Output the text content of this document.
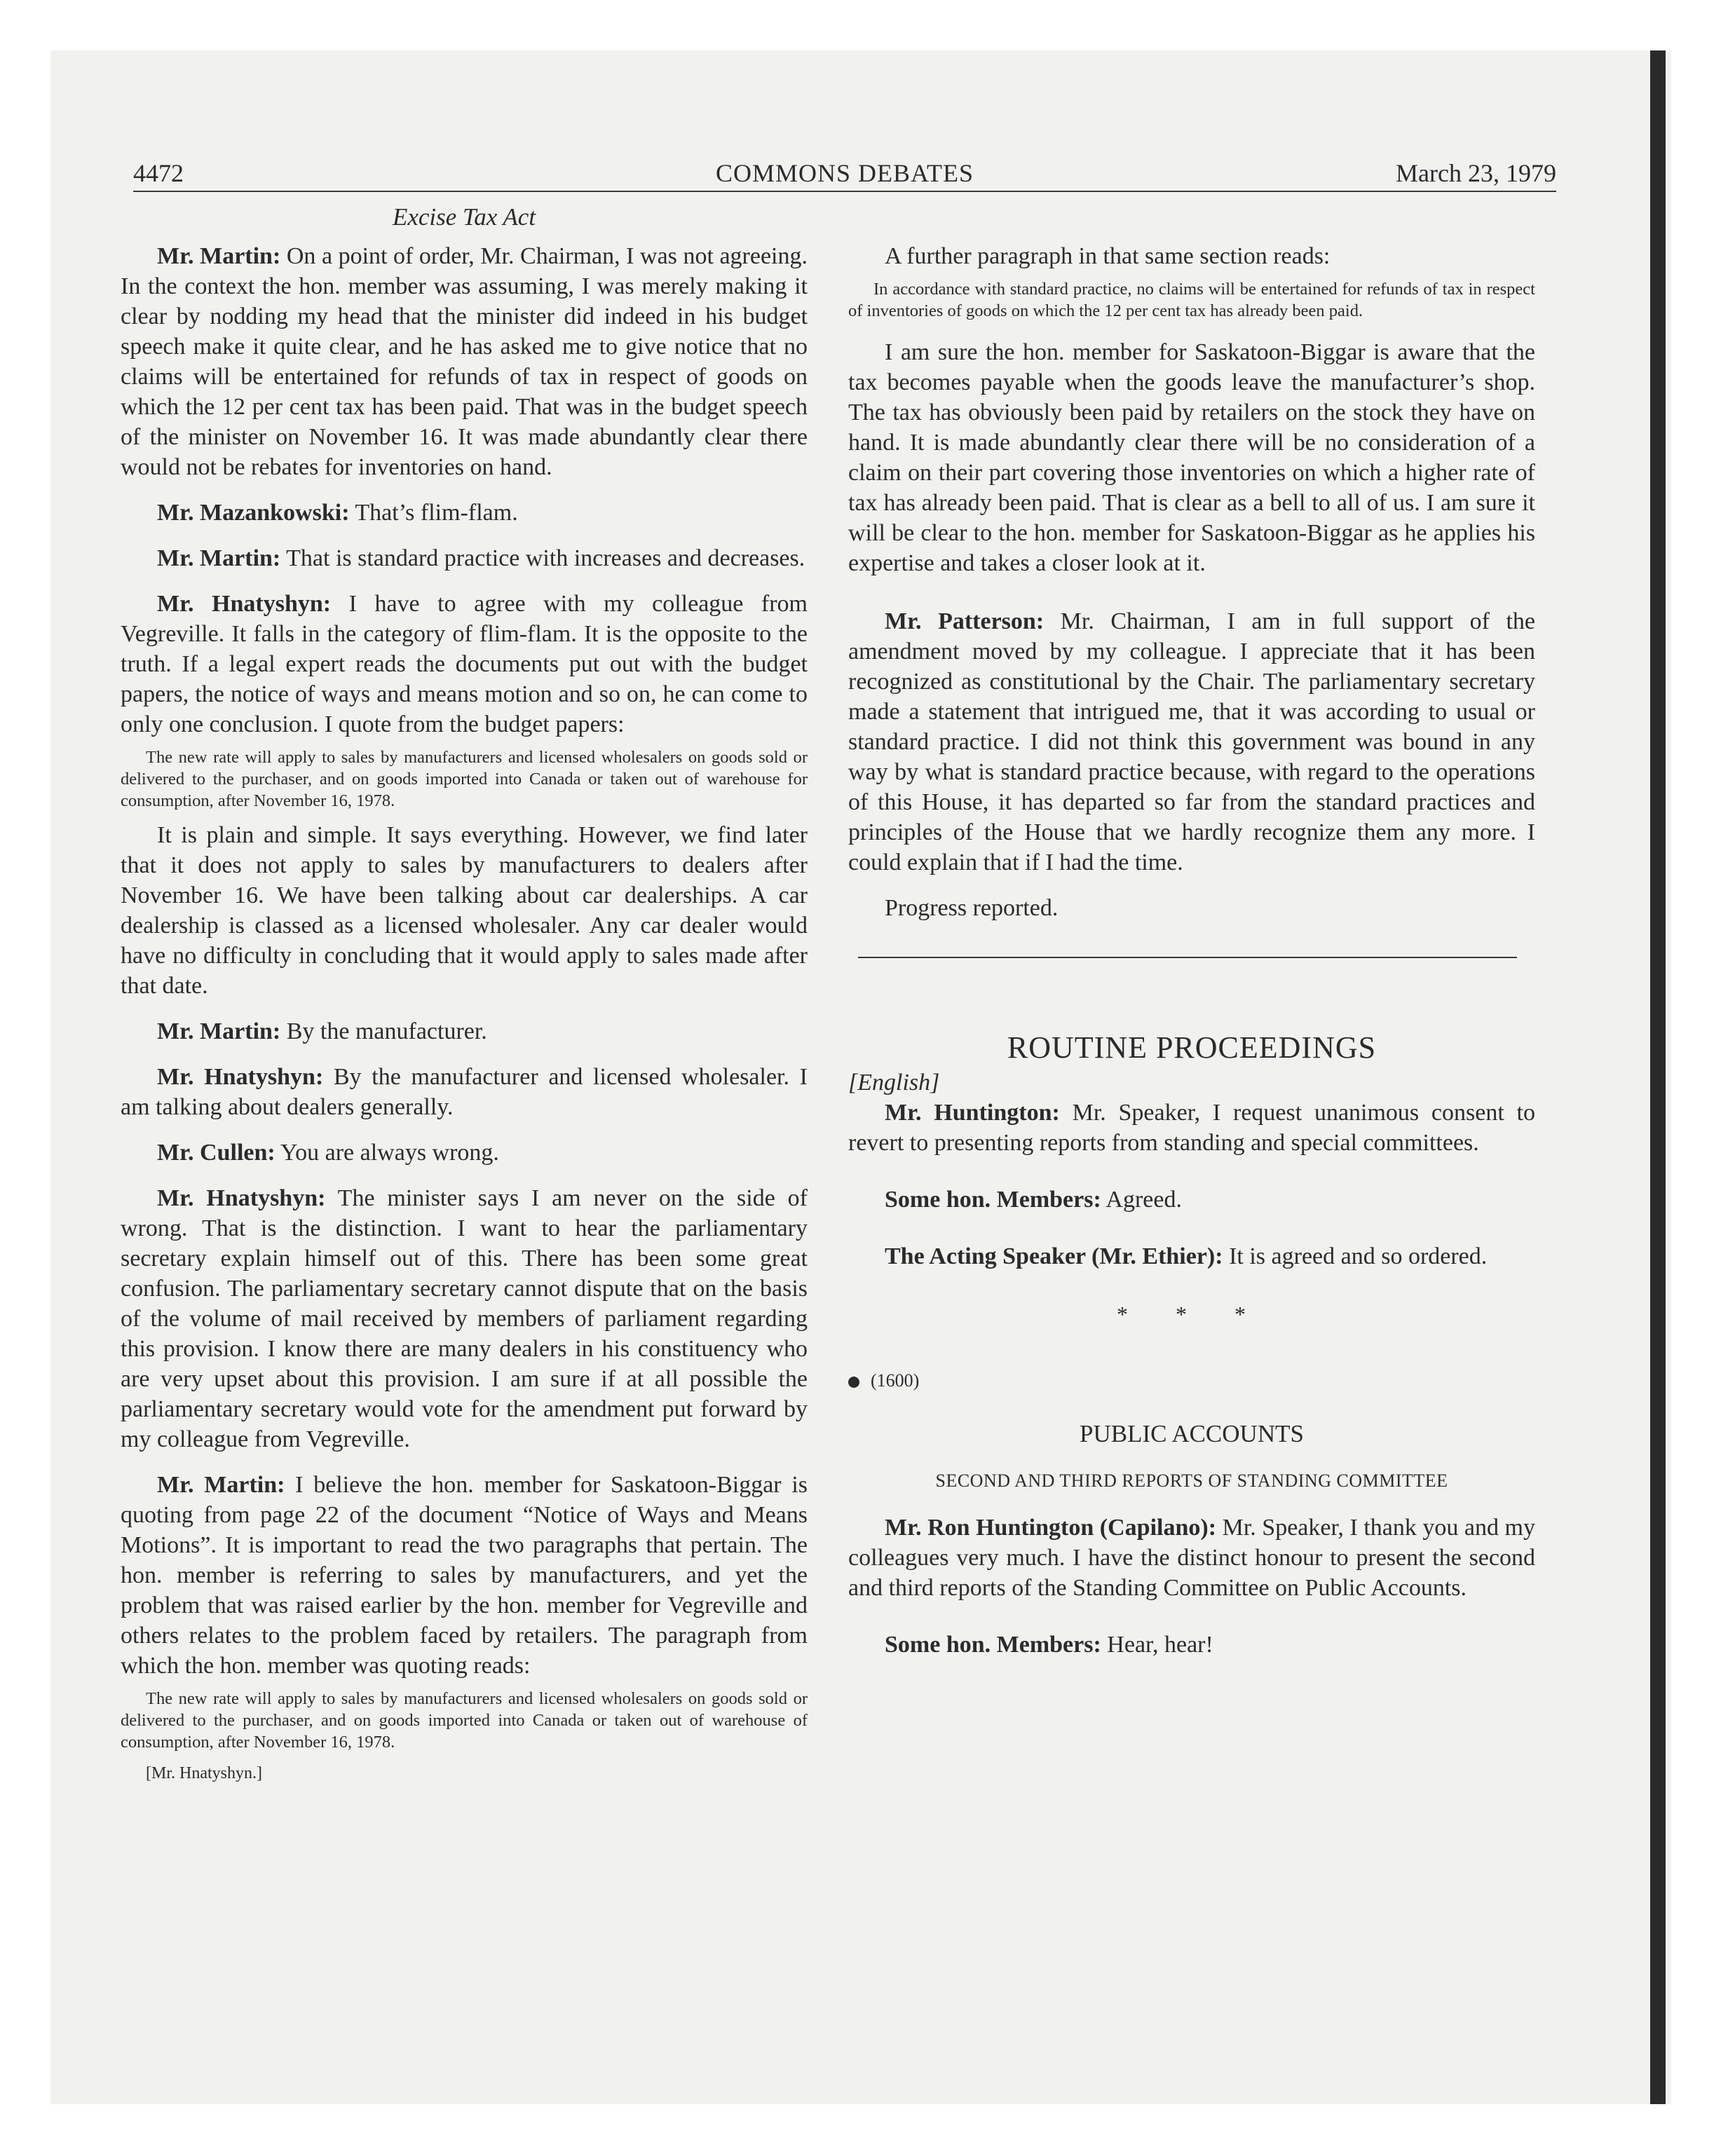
4472	COMMONS DEBATES	March 23, 1979
Excise Tax Act

Mr. Martin: On a point of order, Mr. Chairman, I was not agreeing. In the context the hon. member was assuming, I was merely making it clear by nodding my head that the minister did indeed in his budget speech make it quite clear, and he has asked me to give notice that no claims will be entertained for refunds of tax in respect of goods on which the 12 per cent tax has been paid. That was in the budget speech of the minister on November 16. It was made abundantly clear there would not be rebates for inventories on hand.

Mr. Mazankowski: That’s flim-flam.

Mr. Martin: That is standard practice with increases and decreases.

Mr. Hnatyshyn: I have to agree with my colleague from Vegreville. It falls in the category of flim-flam. It is the opposite to the truth. If a legal expert reads the documents put out with the budget papers, the notice of ways and means motion and so on, he can come to only one conclusion. I quote from the budget papers:

The new rate will apply to sales by manufacturers and licensed wholesalers on goods sold or delivered to the purchaser, and on goods imported into Canada or taken out of warehouse for consumption, after November 16, 1978.

It is plain and simple. It says everything. However, we find later that it does not apply to sales by manufacturers to dealers after November 16. We have been talking about car dealerships. A car dealership is classed as a licensed wholesaler. Any car dealer would have no difficulty in concluding that it would apply to sales made after that date.

Mr. Martin: By the manufacturer.

Mr. Hnatyshyn: By the manufacturer and licensed wholesaler. I am talking about dealers generally.

Mr. Cullen: You are always wrong.

Mr. Hnatyshyn: The minister says I am never on the side of wrong. That is the distinction. I want to hear the parliamentary secretary explain himself out of this. There has been some great confusion. The parliamentary secretary cannot dispute that on the basis of the volume of mail received by members of parliament regarding this provision. I know there are many dealers in his constituency who are very upset about this provision. I am sure if at all possible the parliamentary secretary would vote for the amendment put forward by my colleague from Vegreville.

Mr. Martin: I believe the hon. member for Saskatoon-Biggar is quoting from page 22 of the document “Notice of Ways and Means Motions”. It is important to read the two paragraphs that pertain. The hon. member is referring to sales by manufacturers, and yet the problem that was raised earlier by the hon. member for Vegreville and others relates to the problem faced by retailers. The paragraph from which the hon. member was quoting reads:

The new rate will apply to sales by manufacturers and licensed wholesalers on goods sold or delivered to the purchaser, and on goods imported into Canada or taken out of warehouse of consumption, after November 16, 1978.
[Mr. Hnatyshyn.]

A further paragraph in that same section reads:

In accordance with standard practice, no claims will be entertained for refunds of tax in respect of inventories of goods on which the 12 per cent tax has already been paid.

I am sure the hon. member for Saskatoon-Biggar is aware that the tax becomes payable when the goods leave the manufacturer’s shop. The tax has obviously been paid by retailers on the stock they have on hand. It is made abundantly clear there will be no consideration of a claim on their part covering those inventories on which a higher rate of tax has already been paid. That is clear as a bell to all of us. I am sure it will be clear to the hon. member for Saskatoon-Biggar as he applies his expertise and takes a closer look at it.

Mr. Patterson: Mr. Chairman, I am in full support of the amendment moved by my colleague. I appreciate that it has been recognized as constitutional by the Chair. The parliamentary secretary made a statement that intrigued me, that it was according to usual or standard practice. I did not think this government was bound in any way by what is standard practice because, with regard to the operations of this House, it has departed so far from the standard practices and principles of the House that we hardly recognize them any more. I could explain that if I had the time.

Progress reported.

ROUTINE PROCEEDINGS

[English]

Mr. Huntington: Mr. Speaker, I request unanimous consent to revert to presenting reports from standing and special committees.

Some hon. Members: Agreed.

The Acting Speaker (Mr. Ethier): It is agreed and so ordered.

* * *
(1600)
PUBLIC ACCOUNTS
SECOND AND THIRD REPORTS OF STANDING COMMITTEE

Mr. Ron Huntington (Capilano): Mr. Speaker, I thank you and my colleagues very much. I have the distinct honour to present the second and third reports of the Standing Committee on Public Accounts.

Some hon. Members: Hear, hear!
